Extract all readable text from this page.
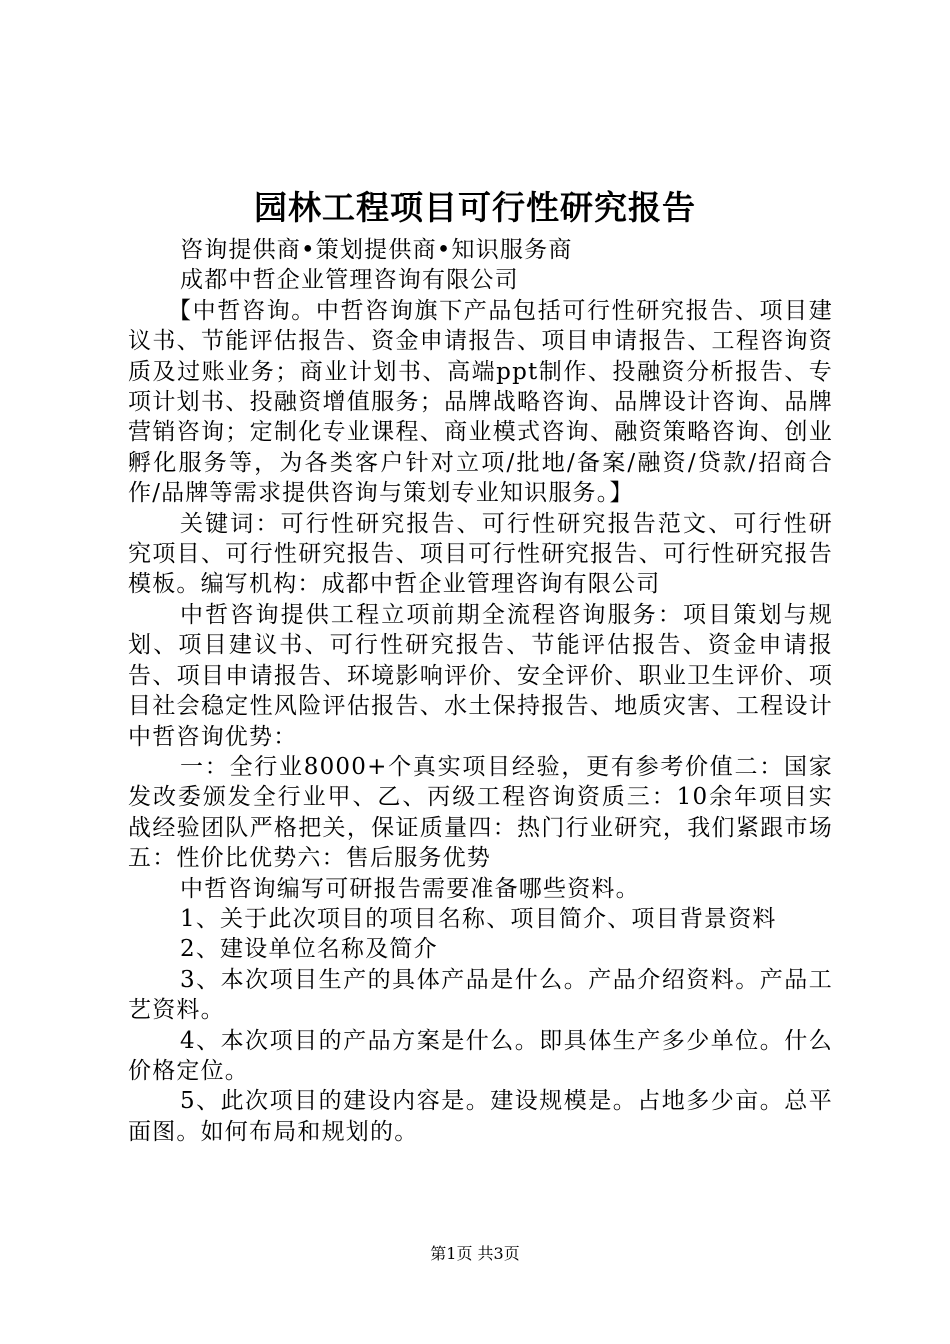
园林工程项目可行性研究报告

咨询提供商•策划提供商•知识服务商

成都中哲企业管理咨询有限公司

【中哲咨询。中哲咨询旗下产品包括可行性研究报告、项目建议书、节能评估报告、资金申请报告、项目申请报告、工程咨询资质及过账业务；商业计划书、高端ppt制作、投融资分析报告、专项计划书、投融资增值服务；品牌战略咨询、品牌设计咨询、品牌营销咨询；定制化专业课程、商业模式咨询、融资策略咨询、创业孵化服务等，为各类客户针对立项/批地/备案/融资/贷款/招商合作/品牌等需求提供咨询与策划专业知识服务。】

关键词：可行性研究报告、可行性研究报告范文、可行性研究项目、可行性研究报告、项目可行性研究报告、可行性研究报告模板。编写机构：成都中哲企业管理咨询有限公司

中哲咨询提供工程立项前期全流程咨询服务：项目策划与规划、项目建议书、可行性研究报告、节能评估报告、资金申请报告、项目申请报告、环境影响评价、安全评价、职业卫生评价、项目社会稳定性风险评估报告、水土保持报告、地质灾害、工程设计中哲咨询优势：

一：全行业8000+个真实项目经验，更有参考价值二：国家发改委颁发全行业甲、乙、丙级工程咨询资质三：10余年项目实战经验团队严格把关，保证质量四：热门行业研究，我们紧跟市场五：性价比优势六：售后服务优势

中哲咨询编写可研报告需要准备哪些资料。

1、关于此次项目的项目名称、项目简介、项目背景资料

2、建设单位名称及简介

3、本次项目生产的具体产品是什么。产品介绍资料。产品工艺资料。

4、本次项目的产品方案是什么。即具体生产多少单位。什么价格定位。

5、此次项目的建设内容是。建设规模是。占地多少亩。总平面图。如何布局和规划的。

第1页 共3页
